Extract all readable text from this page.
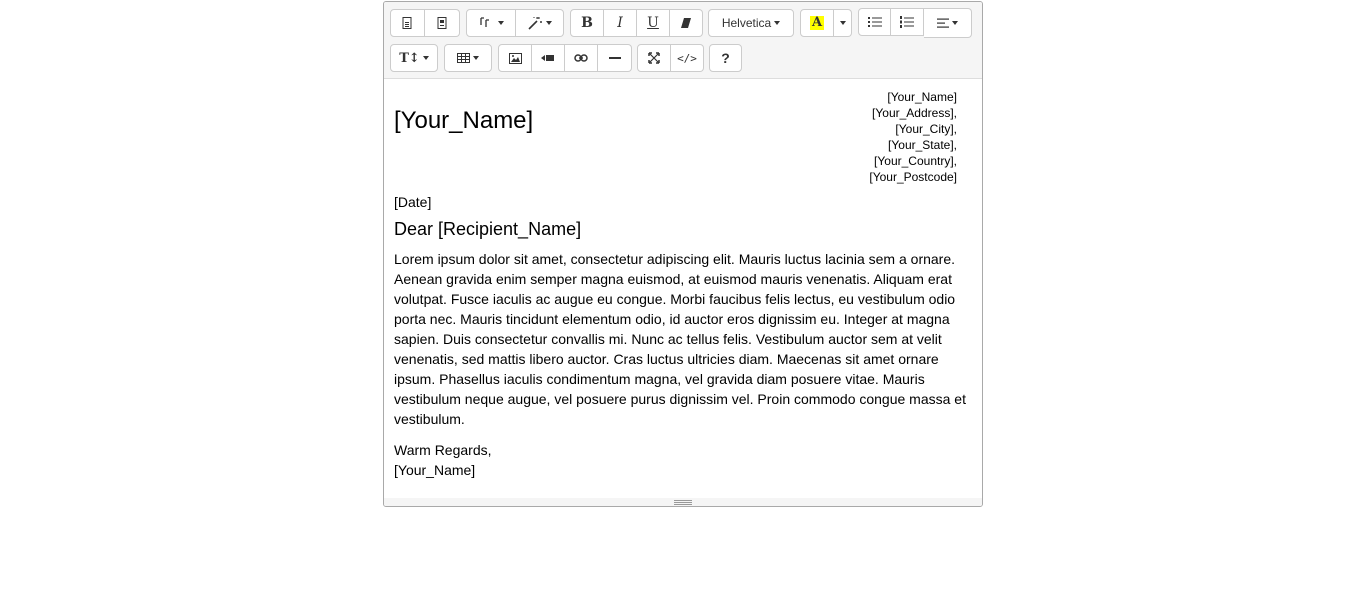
B I U	Helvetica	A
T↕	</> ?
[Your_Name]
[Your_Address],
[Your_City],
[Your_State],
[Your_Country],
[Your_Postcode]
[Your_Name]
[Date]
Dear [Recipient_Name]
Lorem ipsum dolor sit amet, consectetur adipiscing elit. Mauris luctus lacinia sem a ornare. Aenean gravida enim semper magna euismod, at euismod mauris venenatis. Aliquam erat volutpat. Fusce iaculis ac augue eu congue. Morbi faucibus felis lectus, eu vestibulum odio porta nec. Mauris tincidunt elementum odio, id auctor eros dignissim eu. Integer at magna sapien. Duis consectetur convallis mi. Nunc ac tellus felis. Vestibulum auctor sem at velit venenatis, sed mattis libero auctor. Cras luctus ultricies diam. Maecenas sit amet ornare ipsum. Phasellus iaculis condimentum magna, vel gravida diam posuere vitae. Mauris vestibulum neque augue, vel posuere purus dignissim vel. Proin commodo congue massa et vestibulum.
Warm Regards,
[Your_Name]
